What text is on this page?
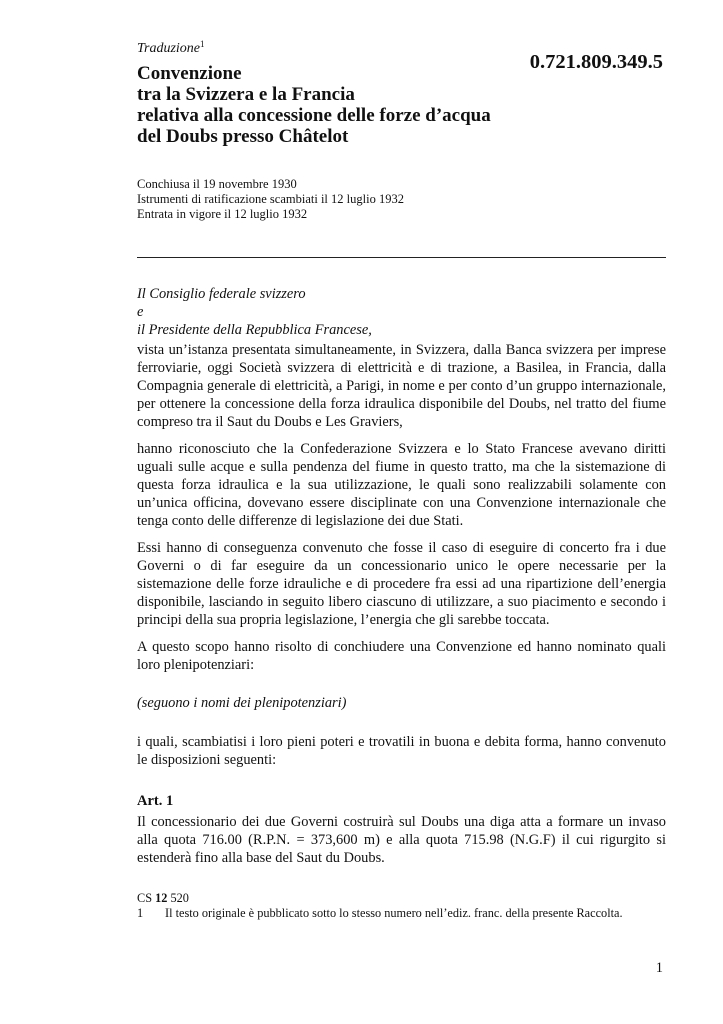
Traduzione$^1$
0.721.809.349.5
Convenzione
tra la Svizzera e la Francia
relativa alla concessione delle forze d’acqua
del Doubs presso Châtelot
Conchiusa il 19 novembre 1930
Istrumenti di ratificazione scambiati il 12 luglio 1932
Entrata in vigore il 12 luglio 1932
Il Consiglio federale svizzero
e
il Presidente della Repubblica Francese,

vista un’istanza presentata simultaneamente, in Svizzera, dalla Banca svizzera per imprese ferroviarie, oggi Società svizzera di elettricità e di trazione, a Basilea, in Francia, dalla Compagnia generale di elettricità, a Parigi, in nome e per conto d’un gruppo internazionale, per ottenere la concessione della forza idraulica disponibile del Doubs, nel tratto del fiume compreso tra il Saut du Doubs e Les Graviers,

hanno riconosciuto che la Confederazione Svizzera e lo Stato Francese avevano diritti uguali sulle acque e sulla pendenza del fiume in questo tratto, ma che la sistemazione di questa forza idraulica e la sua utilizzazione, le quali sono realizzabili solamente con un’unica officina, dovevano essere disciplinate con una Convenzione internazionale che tenga conto delle differenze di legislazione dei due Stati.

Essi hanno di conseguenza convenuto che fosse il caso di eseguire di concerto fra i due Governi o di far eseguire da un concessionario unico le opere necessarie per la sistemazione delle forze idrauliche e di procedere fra essi ad una ripartizione dell’energia disponibile, lasciando in seguito libero ciascuno di utilizzare, a suo piacimento e secondo i principi della sua propria legislazione, l’energia che gli sarebbe toccata.

A questo scopo hanno risolto di conchiudere una Convenzione ed hanno nominato quali loro plenipotenziari:

(seguono i nomi dei plenipotenziari)
i quali, scambiatisi i loro pieni poteri e trovatili in buona e debita forma, hanno convenuto le disposizioni seguenti:
Art. 1
Il concessionario dei due Governi costruirà sul Doubs una diga atta a formare un invaso alla quota 716.00 (R.P.N. = 373,600 m) e alla quota 715.98 (N.G.F) il cui rigurgito si estenderà fino alla base del Saut du Doubs.
CS 12 520
1	Il testo originale è pubblicato sotto lo stesso numero nell’ediz. franc. della presente Raccolta.
1
